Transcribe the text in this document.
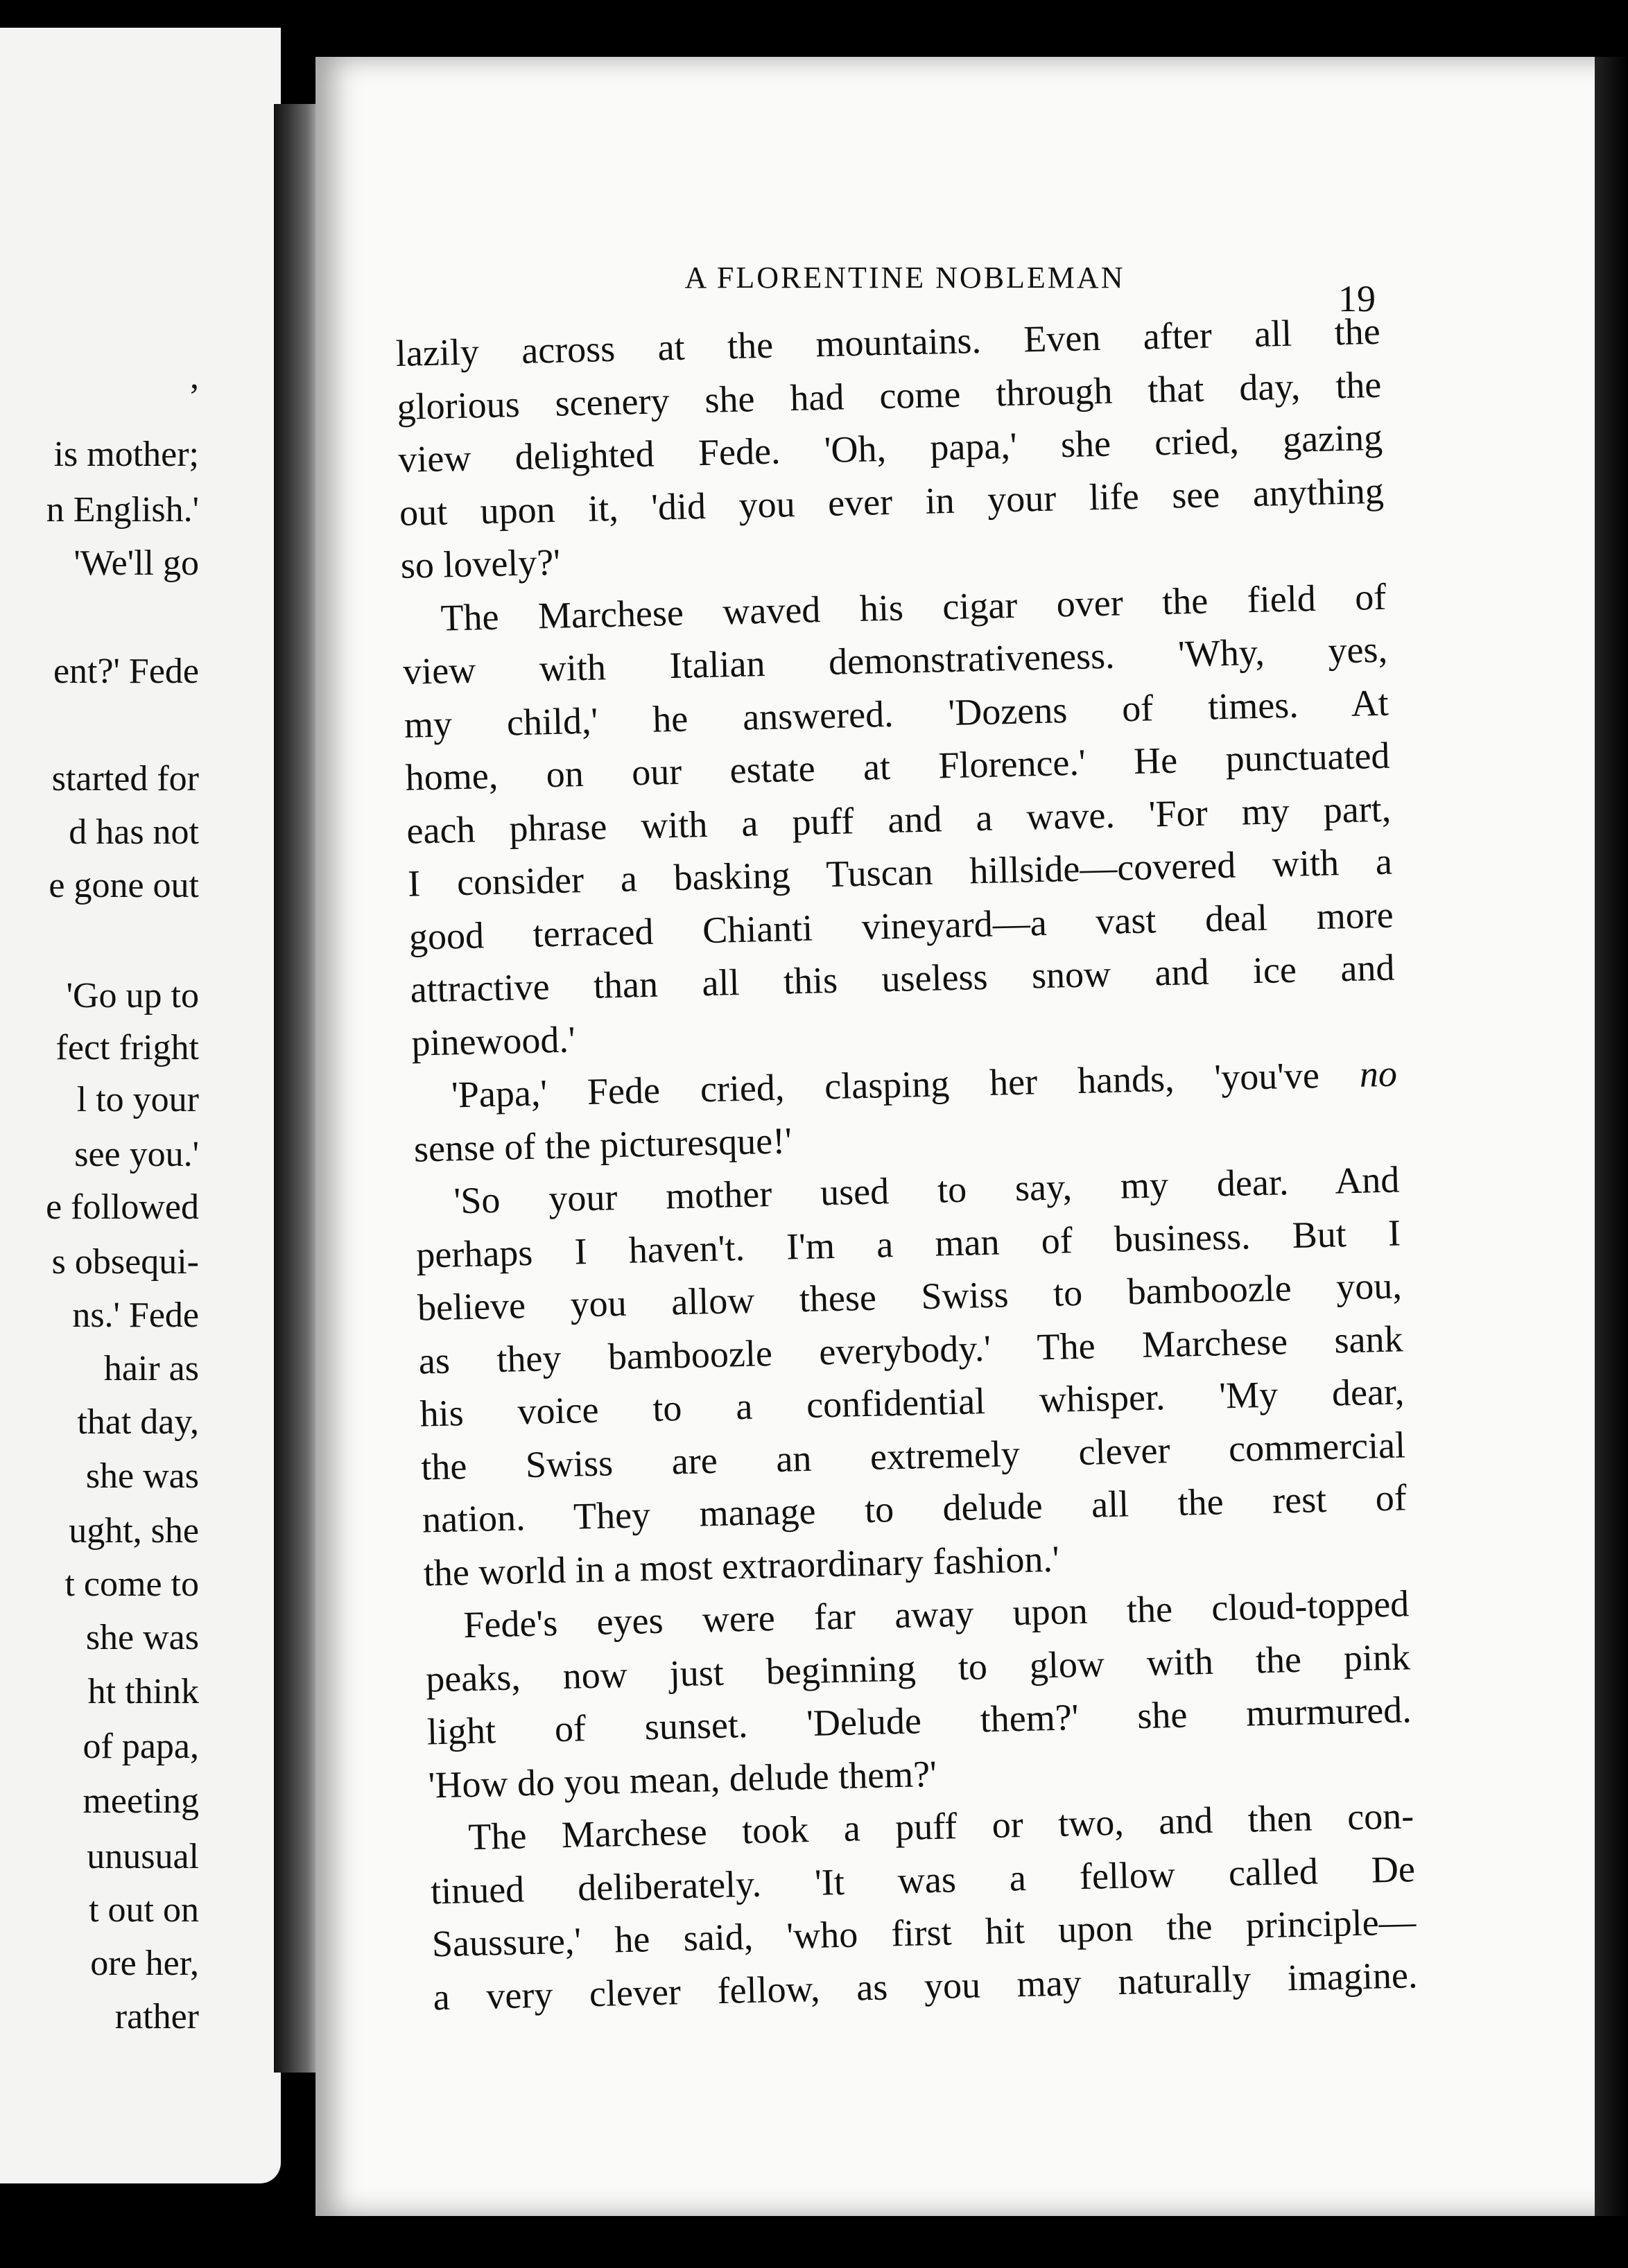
,
is mother;
n English.'
'We'll go
ent?' Fede
started for
d has not
e gone out
'Go up to
fect fright
l to your
see you.'
e followed
s obsequi-
ns.' Fede
hair as
that day,
she was
ught, she
t come to
she was
ht think
of papa,
meeting
unusual
t out on
ore her,
rather
A FLORENTINE NOBLEMAN
19
lazily across at the mountains. Even after all the
glorious scenery she had come through that day, the
view delighted Fede. 'Oh, papa,' she cried, gazing
out upon it, 'did you ever in your life see anything
so lovely?'
The Marchese waved his cigar over the field of
view with Italian demonstrativeness. 'Why, yes,
my child,' he answered. 'Dozens of times. At
home, on our estate at Florence.' He punctuated
each phrase with a puff and a wave. 'For my part,
I consider a basking Tuscan hillside—covered with a
good terraced Chianti vineyard—a vast deal more
attractive than all this useless snow and ice and
pinewood.'
'Papa,' Fede cried, clasping her hands, 'you've no
sense of the picturesque!'
'So your mother used to say, my dear. And
perhaps I haven't. I'm a man of business. But I
believe you allow these Swiss to bamboozle you,
as they bamboozle everybody.' The Marchese sank
his voice to a confidential whisper. 'My dear,
the Swiss are an extremely clever commercial
nation. They manage to delude all the rest of
the world in a most extraordinary fashion.'
Fede's eyes were far away upon the cloud-topped
peaks, now just beginning to glow with the pink
light of sunset. 'Delude them?' she murmured.
'How do you mean, delude them?'
The Marchese took a puff or two, and then con-
tinued deliberately. 'It was a fellow called De
Saussure,' he said, 'who first hit upon the principle—
a very clever fellow, as you may naturally imagine.
